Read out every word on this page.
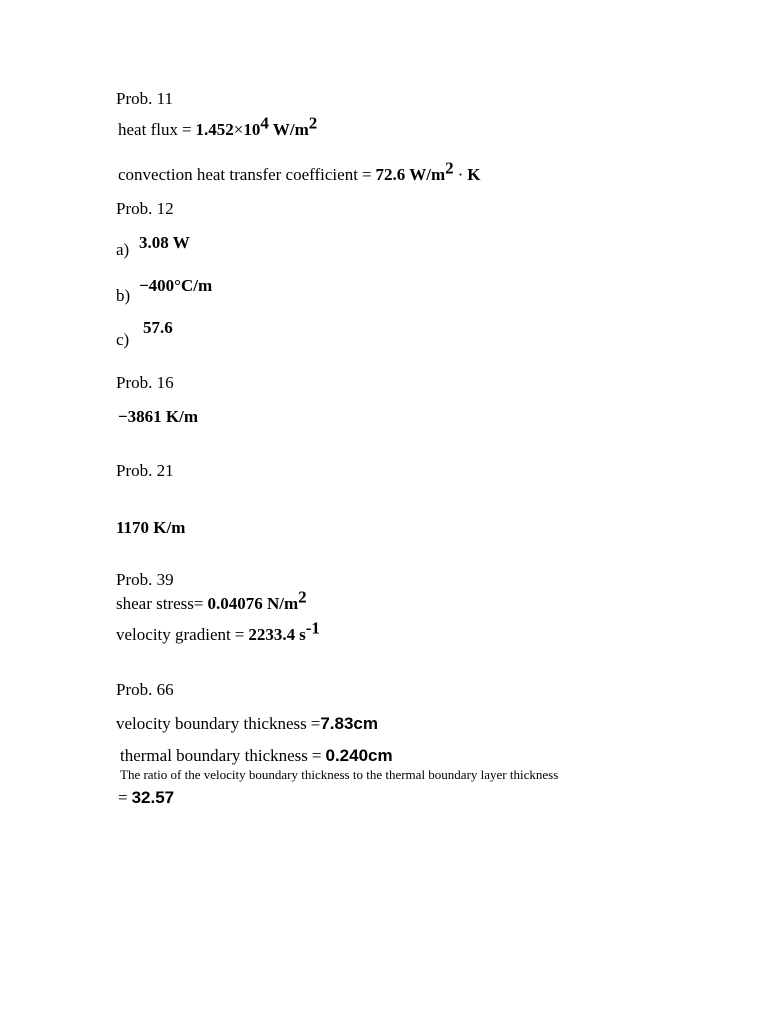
Prob. 11
heat flux = $1.452\times 10^4$ $W/m^2$
convection heat transfer coefficient = 72.6 $W/m^2 \cdot K$
Prob. 12
a) 3.08 W
b)
−400°C/m
c)
57.6
Prob. 16
−3861 K/m
Prob. 21
1170 K/m
Prob. 39
shear stress= 0.04076 $N/m^2$
velocity gradient = 2233.4 $s^{-1}$
Prob. 66
velocity boundary thickness =7.83cm
thermal boundary thickness = 0.240cm
The ratio of the velocity boundary thickness to the thermal boundary layer thickness
= 32.57
